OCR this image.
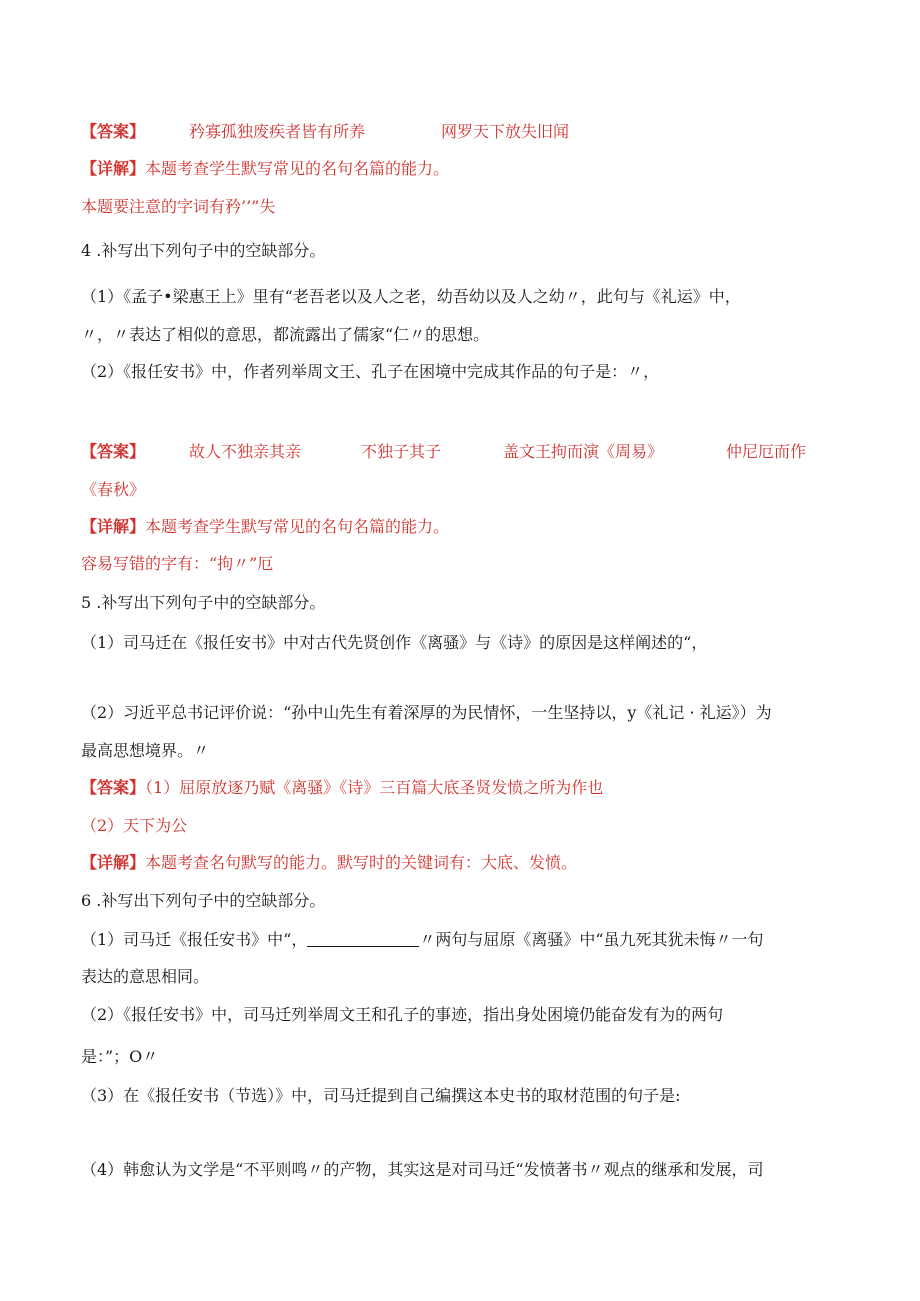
【答案】	矜寡孤独废疾者皆有所养	网罗天下放失旧闻
【详解】本题考查学生默写常见的名句名篇的能力。
本题要注意的字词有矜’’”失
4 .补写出下列句子中的空缺部分。
（1）《孟子•梁惠王上》里有“老吾老以及人之老，幼吾幼以及人之幼〃，此句与《礼运》中，
〃，〃表达了相似的意思，都流露出了儒家“仁〃的思想。
（2）《报任安书》中，作者列举周文王、孔子在困境中完成其作品的句子是：〃，
【答案】	故人不独亲其亲	不独子其子	盖文王拘而演《周易》	仲尼厄而作
《春秋》
【详解】本题考查学生默写常见的名句名篇的能力。
容易写错的字有：“拘〃”厄
5 .补写出下列句子中的空缺部分。
（1）司马迁在《报任安书》中对古代先贤创作《离骚》与《诗》的原因是这样阐述的“，
（2）习近平总书记评价说：“孙中山先生有着深厚的为民情怀，一生坚持以，y《礼记 · 礼运》）为
最高思想境界。〃
【答案】（1）屈原放逐乃赋《离骚》《诗》三百篇大底圣贤发愤之所为作也
（2）天下为公
【详解】本题考查名句默写的能力。默写时的关键词有：大底、发愤。
6 .补写出下列句子中的空缺部分。
（1）司马迁《报任安书》中“，	〃两句与屈原《离骚》中“虽九死其犹未悔〃一句
表达的意思相同。
（2）《报任安书》中，司马迁列举周文王和孔子的事迹，指出身处困境仍能奋发有为的两句
是：”；O〃
（3）在《报任安书（节选）》中，司马迁提到自己编撰这本史书的取材范围的句子是:
（4）韩愈认为文学是“不平则鸣〃的产物，其实这是对司马迁“发愤著书〃观点的继承和发展，司
